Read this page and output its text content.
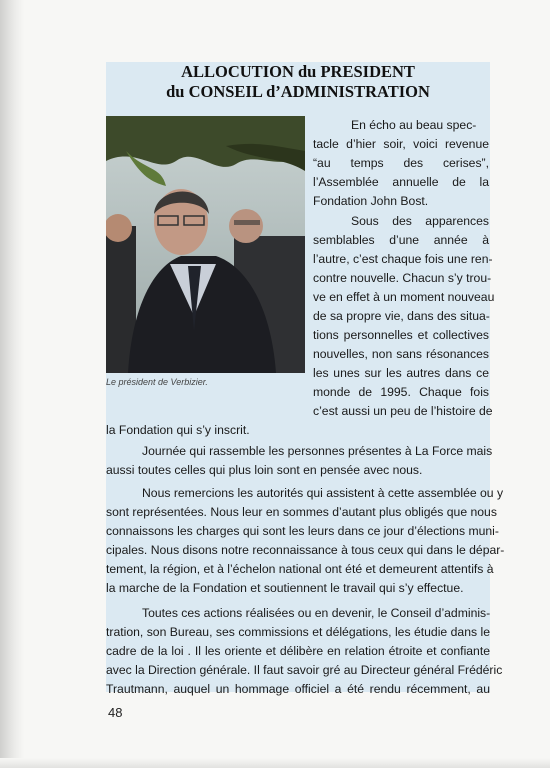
ALLOCUTION du PRESIDENT
du CONSEIL d’ADMINISTRATION
Le président de Verbizier.
En écho au beau spec-
tacle d’hier soir, voici revenue
“au temps des cerises”,
l’Assemblée annuelle de la
Fondation John Bost.
Sous des apparences
semblables d’une année à
l’autre, c’est chaque fois une ren-
contre nouvelle. Chacun s’y trou-
ve en effet à un moment nouveau
de sa propre vie, dans des situa-
tions personnelles et collectives
nouvelles, non sans résonances
les unes sur les autres dans ce
monde de 1995. Chaque fois
c’est aussi un peu de l’histoire de
la Fondation qui s’y inscrit.
Journée qui rassemble les personnes présentes à La Force mais
aussi toutes celles qui plus loin sont en pensée avec nous.
Nous remercions les autorités qui assistent à cette assemblée ou y
sont représentées. Nous leur en sommes d’autant plus obligés que nous
connaissons les charges qui sont les leurs dans ce jour d’élections muni-
cipales. Nous disons notre reconnaissance à tous ceux qui dans le dépar-
tement, la région, et à l’échelon national ont été et demeurent attentifs à
la marche de la Fondation et soutiennent le travail qui s’y effectue.
Toutes ces actions réalisées ou en devenir, le Conseil d’adminis-
tration, son Bureau, ses commissions et délégations, les étudie dans le
cadre de la loi . Il les oriente et délibère en relation étroite et confiante
avec la Direction générale. Il faut savoir gré au Directeur général Frédéric
Trautmann, auquel un hommage officiel a été rendu récemment, au
48
